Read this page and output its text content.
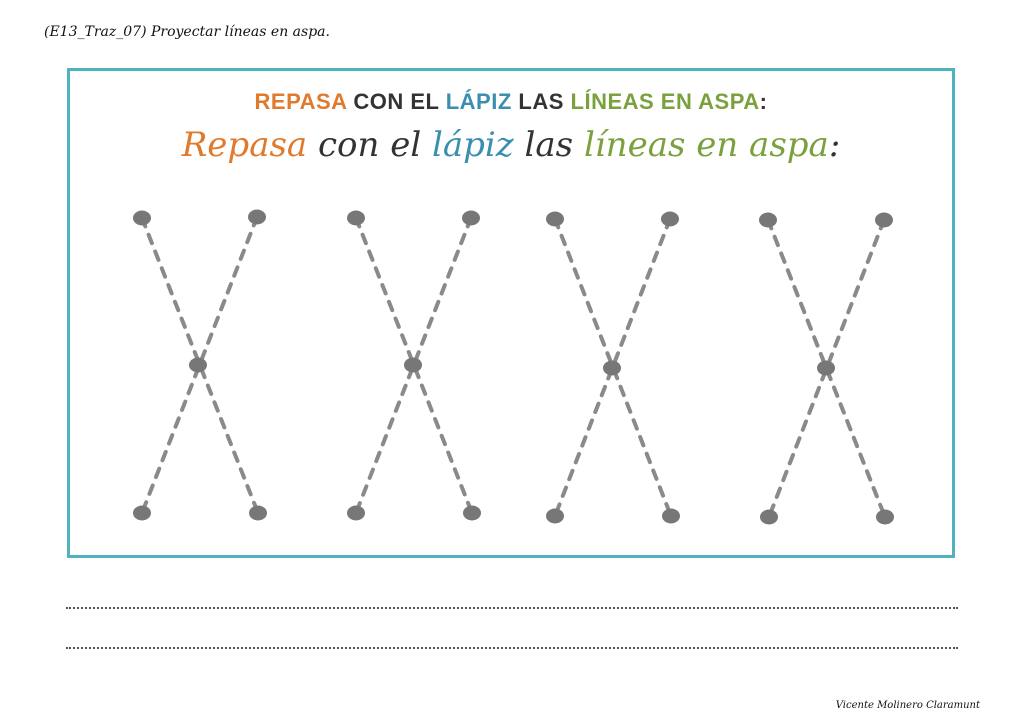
(E13_Traz_07) Proyectar líneas en aspa.
REPASA CON EL LÁPIZ LAS LÍNEAS EN ASPA:
Repasa con el lápiz las líneas en aspa:
Vicente Molinero Claramunt
